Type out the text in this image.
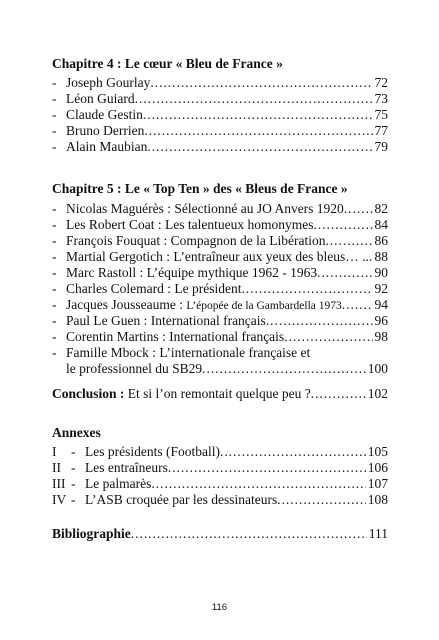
Chapitre 4 : Le cœur « Bleu de France »
- Joseph Gourlay . . .	72
- Léon Guiard . . .	73
- Claude Gestin . . .	75
- Bruno Derrien . . .	77
- Alain Maubian . . .	79
Chapitre 5 : Le « Top Ten » des « Bleus de France »
- Nicolas Maguérès : Sélectionné au JO Anvers 1920 . . . 82
- Les Robert Coat : Les talentueux homonymes . . .	84
- François Fouquat : Compagnon de la Libération . . .	86
- Martial Gergotich : L’entraîneur aux yeux des bleus… ... . . . 88
- Marc Rastoll : L’équipe mythique 1962 - 1963 . . .	90
- Charles Colemard : Le président . . .	92
- Jacques Jousseaume : L’épopée de la Gambardella 1973 . . . 94
- Paul Le Guen : International français . . .	96
- Corentin Martins : International français . . .	98
- Famille Mbock : L’internationale française et
le professionnel du SB29 . . .	100
Conclusion : Et si l’on remontait quelque peu ? . . .	102
Annexes
I	- Les présidents (Football) . . .	105
II - Les entraîneurs . . .	106
III - Le palmarès . . .	107
IV - L’ASB croquée par les dessinateurs . . .	108
Bibliographie . . .	111
116
